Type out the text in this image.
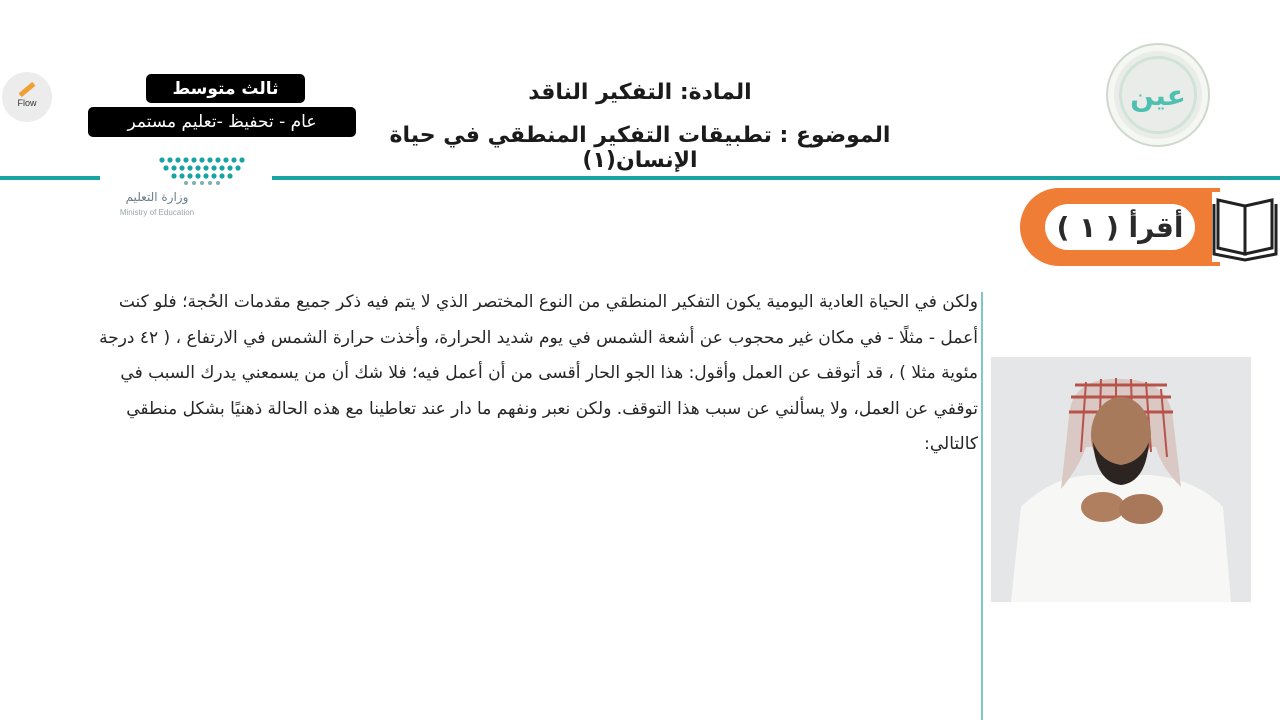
Flow
ثالث متوسط
عام - تحفيظ -تعليم مستمر
وزارة التعليم
Ministry of Education
المادة: التفكير الناقد
الموضوع : تطبيقات التفكير المنطقي في حياة الإنسان(١)
عين
أقرأ ( ١ )
ولكن في الحياة العادية اليومية يكون التفكير المنطقي من النوع المختصر الذي لا يتم فيه ذكر جميع مقدمات الحُجة؛ فلو كنت
أعمل - مثلًا - في مكان غير محجوب عن أشعة الشمس في يوم شديد الحرارة، وأخذت حرارة الشمس في الارتفاع ، ( ٤٢ درجة
مئوية مثلا ) ، قد أتوقف عن العمل وأقول: هذا الجو الحار أقسى من أن أعمل فيه؛ فلا شك أن من يسمعني يدرك السبب في
توقفي عن العمل، ولا يسألني عن سبب هذا التوقف. ولكن نعبر ونفهم ما دار عند تعاطينا مع هذه الحالة ذهنيًا بشكل منطقي
كالتالي:
